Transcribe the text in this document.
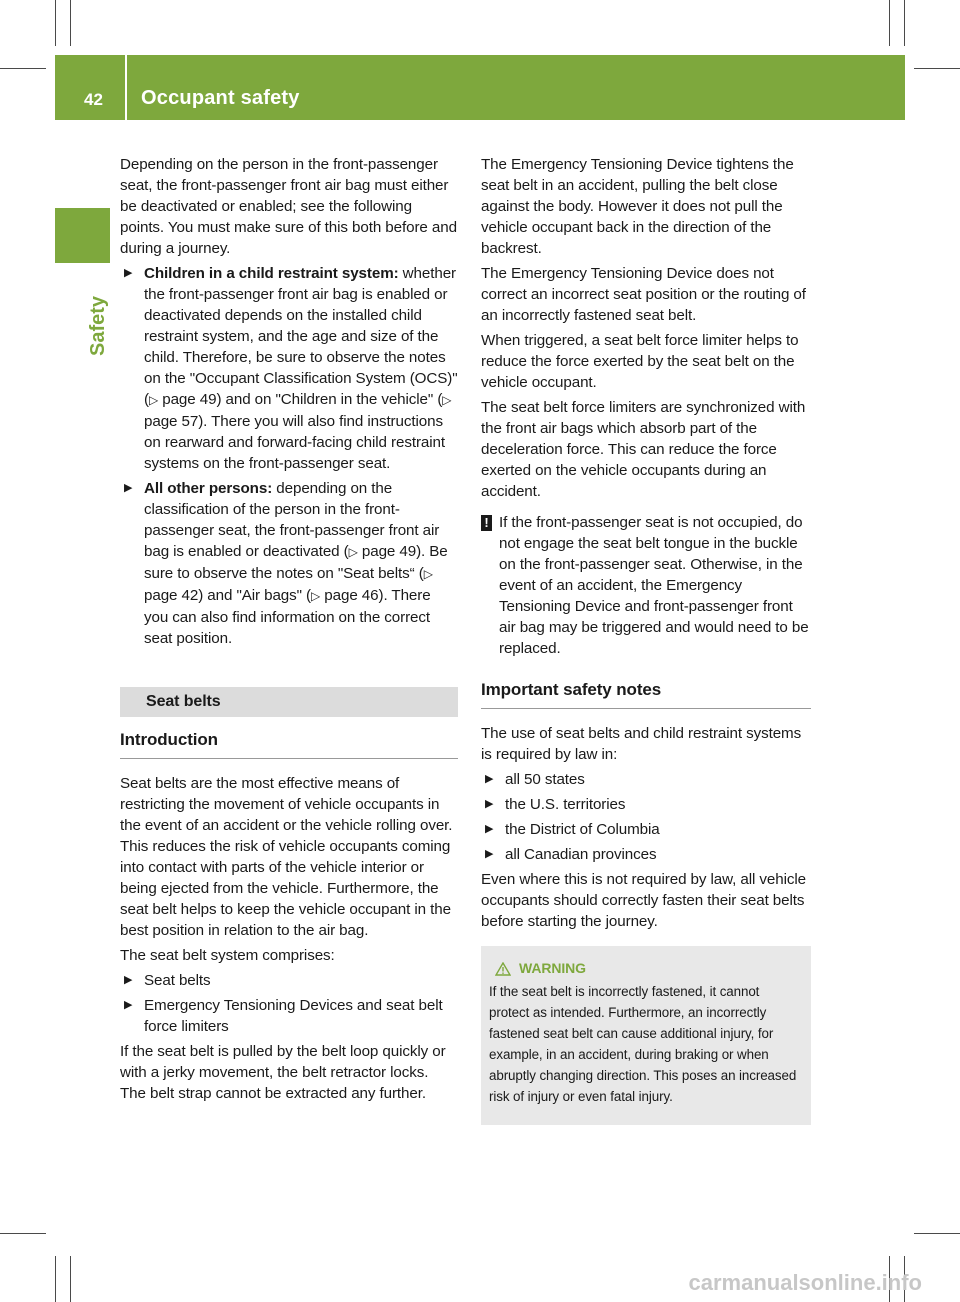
42 Occupant safety
Safety

Depending on the person in the front-passenger seat, the front-passenger front air bag must either be deactivated or enabled; see the following points. You must make sure of this both before and during a journey.

▶ Children in a child restraint system: whether the front-passenger front air bag is enabled or deactivated depends on the installed child restraint system, and the age and size of the child. Therefore, be sure to observe the notes on the "Occupant Classification System (OCS)" (▷ page 49) and on "Children in the vehicle" (▷ page 57). There you will also find instructions on rearward and forward-facing child restraint systems on the front-passenger seat.
▶ All other persons: depending on the classification of the person in the front-passenger seat, the front-passenger front air bag is enabled or deactivated (▷ page 49). Be sure to observe the notes on "Seat belts“ (▷ page 42) and "Air bags" (▷ page 46). There you can also find information on the correct seat position.
Seat belts
Introduction

Seat belts are the most effective means of restricting the movement of vehicle occupants in the event of an accident or the vehicle rolling over. This reduces the risk of vehicle occupants coming into contact with parts of the vehicle interior or being ejected from the vehicle. Furthermore, the seat belt helps to keep the vehicle occupant in the best position in relation to the air bag.

The seat belt system comprises:

▶ Seat belts
▶ Emergency Tensioning Devices and seat belt force limiters

If the seat belt is pulled by the belt loop quickly or with a jerky movement, the belt retractor locks. The belt strap cannot be extracted any further.

The Emergency Tensioning Device tightens the seat belt in an accident, pulling the belt close against the body. However it does not pull the vehicle occupant back in the direction of the backrest.

The Emergency Tensioning Device does not correct an incorrect seat position or the routing of an incorrectly fastened seat belt.

When triggered, a seat belt force limiter helps to reduce the force exerted by the seat belt on the vehicle occupant.

The seat belt force limiters are synchronized with the front air bags which absorb part of the deceleration force. This can reduce the force exerted on the vehicle occupants during an accident.

! If the front-passenger seat is not occupied, do not engage the seat belt tongue in the buckle on the front-passenger seat. Otherwise, in the event of an accident, the Emergency Tensioning Device and front-passenger front air bag may be triggered and would need to be replaced.
Important safety notes

The use of seat belts and child restraint systems is required by law in:

▶ all 50 states
▶ the U.S. territories
▶ the District of Columbia
▶ all Canadian provinces

Even where this is not required by law, all vehicle occupants should correctly fasten their seat belts before starting the journey.

WARNING
If the seat belt is incorrectly fastened, it cannot protect as intended. Furthermore, an incorrectly fastened seat belt can cause additional injury, for example, in an accident, during braking or when abruptly changing direction. This poses an increased risk of injury or even fatal injury.
carmanualsonline.info
